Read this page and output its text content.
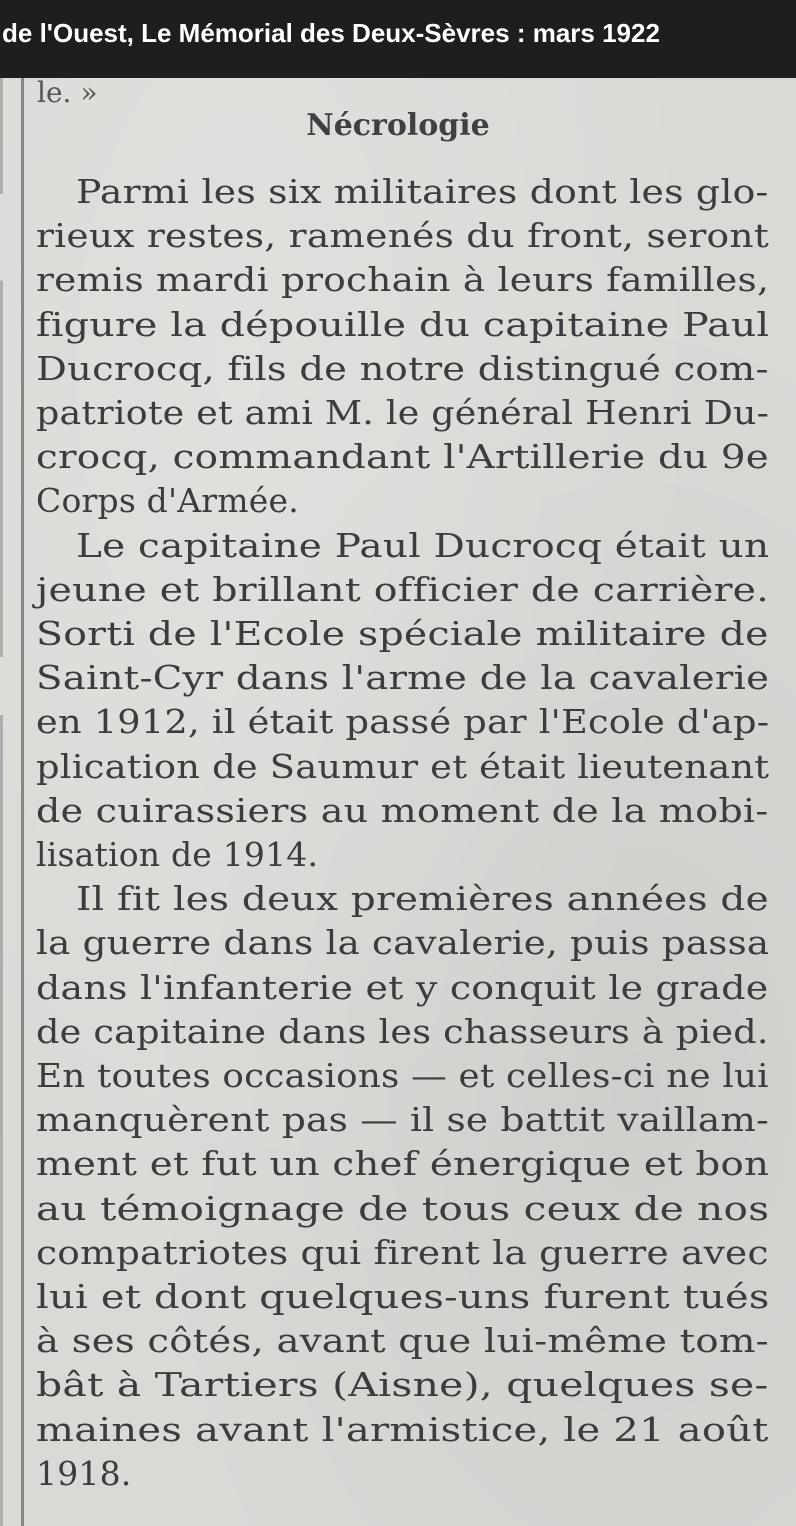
de l'Ouest, Le Mémorial des Deux-Sèvres : mars 1922
le. »
Nécrologie
Parmi les six militaires dont les glo-
rieux restes, ramenés du front, seront
remis mardi prochain à leurs familles,
figure la dépouille du capitaine Paul
Ducrocq, fils de notre distingué com-
patriote et ami M. le général Henri Du-
crocq, commandant l'Artillerie du 9e
Corps d'Armée.
Le capitaine Paul Ducrocq était un
jeune et brillant officier de carrière.
Sorti de l'Ecole spéciale militaire de
Saint-Cyr dans l'arme de la cavalerie
en 1912, il était passé par l'Ecole d'ap-
plication de Saumur et était lieutenant
de cuirassiers au moment de la mobi-
lisation de 1914.
Il fit les deux premières années de
la guerre dans la cavalerie, puis passa
dans l'infanterie et y conquit le grade
de capitaine dans les chasseurs à pied.
En toutes occasions — et celles-ci ne lui
manquèrent pas — il se battit vaillam-
ment et fut un chef énergique et bon
au témoignage de tous ceux de nos
compatriotes qui firent la guerre avec
lui et dont quelques-uns furent tués
à ses côtés, avant que lui-même tom-
bât à Tartiers (Aisne), quelques se-
maines avant l'armistice, le 21 août
1918.
